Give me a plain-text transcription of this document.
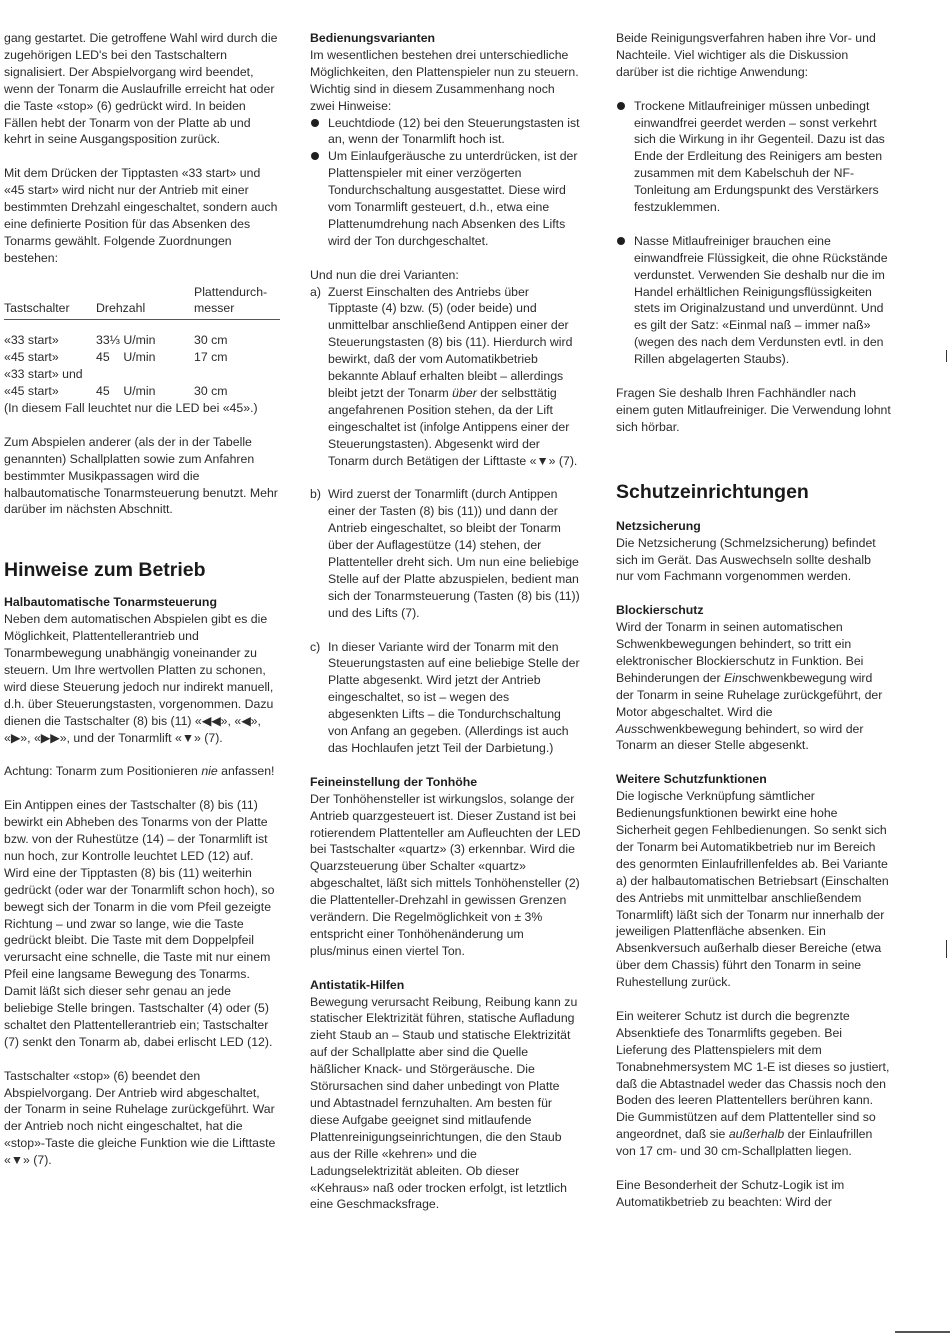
gang gestartet. Die getroffene Wahl wird durch die zugehörigen LED's bei den Tastschaltern signalisiert. Der Abspielvorgang wird beendet, wenn der Tonarm die Auslaufrille erreicht hat oder die Taste «stop» (6) gedrückt wird. In beiden Fällen hebt der Tonarm von der Platte ab und kehrt in seine Ausgangsposition zurück.

Mit dem Drücken der Tipptasten «33 start» und «45 start» wird nicht nur der Antrieb mit einer bestimmten Drehzahl eingeschaltet, sondern auch eine definierte Position für das Absenken des Tonarms gewählt. Folgende Zuordnungen bestehen:

Tastschalter	Drehzahl	Plattendurch-messer

«33 start»	33⅓ U/min	30 cm
«45 start»	45    U/min	17 cm
«33 start» und		
«45 start»	45    U/min	30 cm
(In diesem Fall leuchtet nur die LED bei «45».)

Zum Abspielen anderer (als der in der Tabelle genannten) Schallplatten sowie zum Anfahren bestimmter Musikpassagen wird die halbautomatische Tonarmsteuerung benutzt. Mehr darüber im nächsten Abschnitt.

Hinweise zum Betrieb
Halbautomatische Tonarmsteuerung

Neben dem automatischen Abspielen gibt es die Möglichkeit, Plattentellerantrieb und Tonarmbewegung unabhängig voneinander zu steuern. Um Ihre wertvollen Platten zu schonen, wird diese Steuerung jedoch nur indirekt manuell, d.h. über Steuerungstasten, vorgenommen. Dazu dienen die Tastschalter (8) bis (11) «◀◀», «◀», «▶», «▶▶», und der Tonarmlift «▼» (7).

Achtung: Tonarm zum Positionieren nie anfassen!

Ein Antippen eines der Tastschalter (8) bis (11) bewirkt ein Abheben des Tonarms von der Platte bzw. von der Ruhestütze (14) – der Tonarmlift ist nun hoch, zur Kontrolle leuchtet LED (12) auf. Wird eine der Tipptasten (8) bis (11) weiterhin gedrückt (oder war der Tonarmlift schon hoch), so bewegt sich der Tonarm in die vom Pfeil gezeigte Richtung – und zwar so lange, wie die Taste gedrückt bleibt. Die Taste mit dem Doppelpfeil verursacht eine schnelle, die Taste mit nur einem Pfeil eine langsame Bewegung des Tonarms. Damit läßt sich dieser sehr genau an jede beliebige Stelle bringen. Tastschalter (4) oder (5) schaltet den Plattentellerantrieb ein; Tastschalter (7) senkt den Tonarm ab, dabei erlischt LED (12).

Tastschalter «stop» (6) beendet den Abspielvorgang. Der Antrieb wird abgeschaltet, der Tonarm in seine Ruhelage zurückgeführt. War der Antrieb noch nicht eingeschaltet, hat die «stop»-Taste die gleiche Funktion wie die Lifttaste «▼» (7).

Bedienungsvarianten
Im wesentlichen bestehen drei unterschiedliche Möglichkeiten, den Plattenspieler nun zu steuern. Wichtig sind in diesem Zusammenhang noch zwei Hinweise:
Leuchtdiode (12) bei den Steuerungstasten ist an, wenn der Tonarmlift hoch ist.
Um Einlaufgeräusche zu unterdrücken, ist der Plattenspieler mit einer verzögerten Tondurchschaltung ausgestattet. Diese wird vom Tonarmlift gesteuert, d.h., etwa eine Plattenumdrehung nach Absenken des Lifts wird der Ton durchgeschaltet.
Und nun die drei Varianten:
a) Zuerst Einschalten des Antriebs über Tipptaste (4) bzw. (5) (oder beide) und unmittelbar anschließend Antippen einer der Steuerungstasten (8) bis (11). Hierdurch wird bewirkt, daß der vom Automatikbetrieb bekannte Ablauf erhalten bleibt – allerdings bleibt jetzt der Tonarm über der selbsttätig angefahrenen Position stehen, da der Lift eingeschaltet ist (infolge Antippens einer der Steuerungstasten). Abgesenkt wird der Tonarm durch Betätigen der Lifttaste «▼» (7).
b) Wird zuerst der Tonarmlift (durch Antippen einer der Tasten (8) bis (11)) und dann der Antrieb eingeschaltet, so bleibt der Tonarm über der Auflagestütze (14) stehen, der Plattenteller dreht sich. Um nun eine beliebige Stelle auf der Platte abzuspielen, bedient man sich der Tonarmsteuerung (Tasten (8) bis (11)) und des Lifts (7).
c) In dieser Variante wird der Tonarm mit den Steuerungstasten auf eine beliebige Stelle der Platte abgesenkt. Wird jetzt der Antrieb eingeschaltet, so ist – wegen des abgesenkten Lifts – die Tondurchschaltung von Anfang an gegeben. (Allerdings ist auch das Hochlaufen jetzt Teil der Darbietung.)
Feineinstellung der Tonhöhe

Der Tonhöhensteller ist wirkungslos, solange der Antrieb quarzgesteuert ist. Dieser Zustand ist bei rotierendem Plattenteller am Aufleuchten der LED bei Tastschalter «quartz» (3) erkennbar. Wird die Quarzsteuerung über Schalter «quartz» abgeschaltet, läßt sich mittels Tonhöhensteller (2) die Plattenteller-Drehzahl in gewissen Grenzen verändern. Die Regelmöglichkeit von ± 3% entspricht einer Tonhöhenänderung um plus/minus einen viertel Ton.

Antistatik-Hilfen

Bewegung verursacht Reibung, Reibung kann zu statischer Elektrizität führen, statische Aufladung zieht Staub an – Staub und statische Elektrizität auf der Schallplatte aber sind die Quelle häßlicher Knack- und Störgeräusche. Die Störursachen sind daher unbedingt von Platte und Abtastnadel fernzuhalten. Am besten für diese Aufgabe geeignet sind mitlaufende Plattenreinigungseinrichtungen, die den Staub aus der Rille «kehren» und die Ladungselektrizität ableiten. Ob dieser «Kehraus» naß oder trocken erfolgt, ist letztlich eine Geschmacksfrage.

Beide Reinigungsverfahren haben ihre Vor- und Nachteile. Viel wichtiger als die Diskussion darüber ist die richtige Anwendung:

Trockene Mitlaufreiniger müssen unbedingt einwandfrei geerdet werden – sonst verkehrt sich die Wirkung in ihr Gegenteil. Dazu ist das Ende der Erdleitung des Reinigers am besten zusammen mit dem Kabelschuh der NF-Tonleitung am Erdungspunkt des Verstärkers festzuklemmen.
Nasse Mitlaufreiniger brauchen eine einwandfreie Flüssigkeit, die ohne Rückstände verdunstet. Verwenden Sie deshalb nur die im Handel erhältlichen Reinigungsflüssigkeiten stets im Originalzustand und unverdünnt. Und es gilt der Satz: «Einmal naß – immer naß» (wegen des nach dem Verdunsten evtl. in den Rillen abgelagerten Staubs).

Fragen Sie deshalb Ihren Fachhändler nach einem guten Mitlaufreiniger. Die Verwendung lohnt sich hörbar.

Schutzeinrichtungen
Netzsicherung

Die Netzsicherung (Schmelzsicherung) befindet sich im Gerät. Das Auswechseln sollte deshalb nur vom Fachmann vorgenommen werden.

Blockierschutz

Wird der Tonarm in seinen automatischen Schwenkbewegungen behindert, so tritt ein elektronischer Blockierschutz in Funktion. Bei Behinderungen der Einschwenkbewegung wird der Tonarm in seine Ruhelage zurückgeführt, der Motor abgeschaltet. Wird die Ausschwenkbewegung behindert, so wird der Tonarm an dieser Stelle abgesenkt.

Weitere Schutzfunktionen

Die logische Verknüpfung sämtlicher Bedienungsfunktionen bewirkt eine hohe Sicherheit gegen Fehlbedienungen. So senkt sich der Tonarm bei Automatikbetrieb nur im Bereich des genormten Einlaufrillenfeldes ab. Bei Variante a) der halbautomatischen Betriebsart (Einschalten des Antriebs mit unmittelbar anschließendem Tonarmlift) läßt sich der Tonarm nur innerhalb der jeweiligen Plattenfläche absenken. Ein Absenkversuch außerhalb dieser Bereiche (etwa über dem Chassis) führt den Tonarm in seine Ruhestellung zurück.

Ein weiterer Schutz ist durch die begrenzte Absenktiefe des Tonarmlifts gegeben. Bei Lieferung des Plattenspielers mit dem Tonabnehmersystem MC 1-E ist dieses so justiert, daß die Abtastnadel weder das Chassis noch den Boden des leeren Plattentellers berühren kann. Die Gummistützen auf dem Plattenteller sind so angeordnet, daß sie außerhalb der Einlaufrillen von 17 cm- und 30 cm-Schallplatten liegen.

Eine Besonderheit der Schutz-Logik ist im Automatikbetrieb zu beachten: Wird der
